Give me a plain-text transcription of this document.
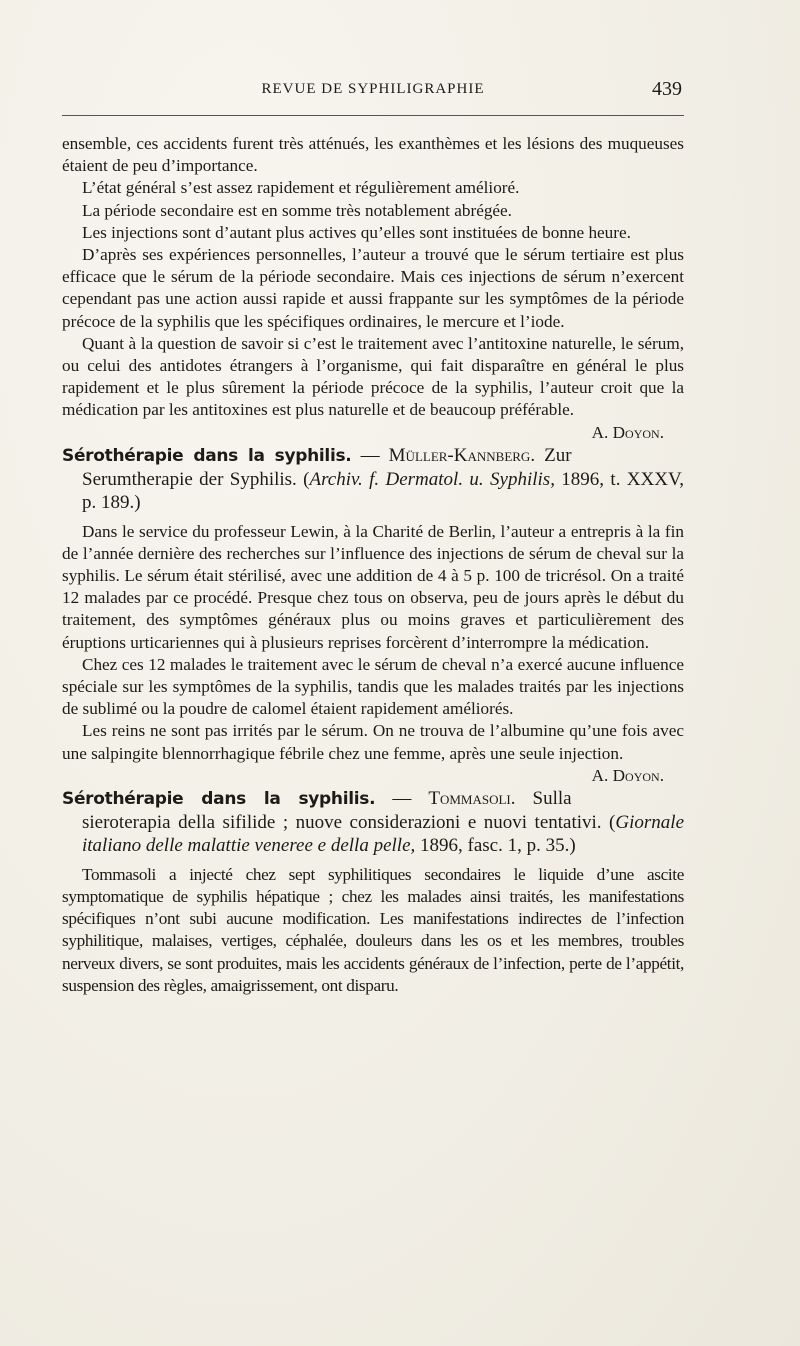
REVUE DE SYPHILIGRAPHIE	439

ensemble, ces accidents furent très atténués, les exanthèmes et les lésions des muqueuses étaient de peu d’importance.

L’état général s’est assez rapidement et régulièrement amélioré.

La période secondaire est en somme très notablement abrégée.

Les injections sont d’autant plus actives qu’elles sont instituées de bonne heure.

D’après ses expériences personnelles, l’auteur a trouvé que le sérum tertiaire est plus efficace que le sérum de la période secondaire. Mais ces injections de sérum n’exercent cependant pas une action aussi rapide et aussi frappante sur les symptômes de la période précoce de la syphilis que les spécifiques ordinaires, le mercure et l’iode.

Quant à la question de savoir si c’est le traitement avec l’antitoxine naturelle, le sérum, ou celui des antidotes étrangers à l’organisme, qui fait disparaître en général le plus rapidement et le plus sûrement la période précoce de la syphilis, l’auteur croit que la médication par les antitoxines est plus naturelle et de beaucoup préférable.
A. Doyon.

Sérothérapie dans la syphilis. — Müller-Kannberg. Zur Serumtherapie der Syphilis. (Archiv. f. Dermatol. u. Syphilis, 1896, t. XXXV, p. 189.)

Dans le service du professeur Lewin, à la Charité de Berlin, l’auteur a entrepris à la fin de l’année dernière des recherches sur l’influence des injections de sérum de cheval sur la syphilis. Le sérum était stérilisé, avec une addition de 4 à 5 p. 100 de tricrésol. On a traité 12 malades par ce procédé. Presque chez tous on observa, peu de jours après le début du traitement, des symptômes généraux plus ou moins graves et particulièrement des éruptions urticariennes qui à plusieurs reprises forcèrent d’interrompre la médication.

Chez ces 12 malades le traitement avec le sérum de cheval n’a exercé aucune influence spéciale sur les symptômes de la syphilis, tandis que les malades traités par les injections de sublimé ou la poudre de calomel étaient rapidement améliorés.

Les reins ne sont pas irrités par le sérum. On ne trouva de l’albumine qu’une fois avec une salpingite blennorrhagique fébrile chez une femme, après une seule injection.
A. Doyon.

Sérothérapie dans la syphilis. — Tommasoli. Sulla sieroterapia della sifilide ; nuove considerazioni e nuovi tentativi. (Giornale italiano delle malattie veneree e della pelle, 1896, fasc. 1, p. 35.)

Tommasoli a injecté chez sept syphilitiques secondaires le liquide d’une ascite symptomatique de syphilis hépatique ; chez les malades ainsi traités, les manifestations spécifiques n’ont subi aucune modification. Les manifestations indirectes de l’infection syphilitique, malaises, vertiges, céphalée, douleurs dans les os et les membres, troubles nerveux divers, se sont produites, mais les accidents généraux de l’infection, perte de l’appétit, suspension des règles, amaigrissement, ont disparu.
